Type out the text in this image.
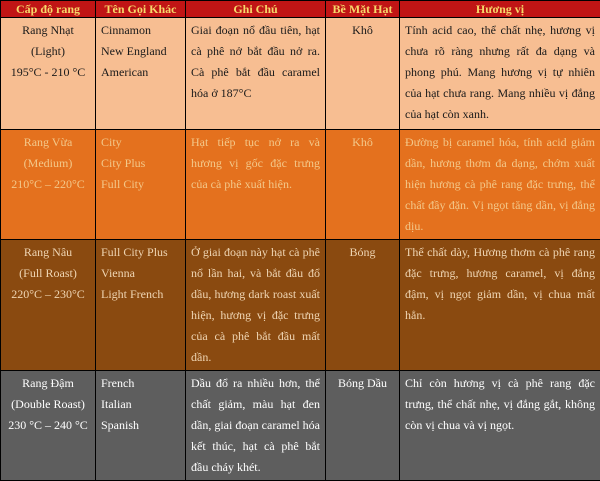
Cấp độ rang	Tên Gọi Khác	Ghi Chú	Bề Mặt Hạt	Hương vị

Rang Nhạt
(Light)
195°C - 210 °C	Cinnamon
New England
American	Giai đoạn nổ đầu tiên, hạt cà phê nở bắt đầu nở ra. Cà phê bắt đầu caramel hóa ở 187°C	Khô	Tính acid cao, thể chất nhẹ, hương vị chưa rõ ràng nhưng rất đa dạng và phong phú. Mang hương vị tự nhiên của hạt chưa rang. Mang nhiều vị đắng của hạt còn xanh.

Rang Vừa
(Medium)
210°C – 220°C	City
City Plus
Full City	Hạt tiếp tục nở ra và hương vị gốc đặc trưng của cà phê xuất hiện.	Khô	Đường bị caramel hóa, tính acid giảm dần, hương thơm đa dạng, chớm xuất hiện hương cà phê rang đặc trưng, thể chất đầy đặn. Vị ngọt tăng dần, vị đắng dịu.

Rang Nâu
(Full Roast)
220°C – 230°C	Full City Plus
Vienna
Light French	Ở giai đoạn này hạt cà phê nổ lần hai, và bắt đầu đổ dầu, hương dark roast xuất hiện, hương vị đặc trưng của cà phê bắt đầu mất dần.	Bóng	Thể chất dày, Hương thơm cà phê rang đặc trưng, hương caramel, vị đắng đậm, vị ngọt giảm dần, vị chua mất hẳn.

Rang Đậm
(Double Roast)
230 °C – 240 °C	French
Italian
Spanish	Dầu đổ ra nhiều hơn, thể chất giảm, màu hạt đen dần, giai đoạn caramel hóa kết thúc, hạt cà phê bắt đầu cháy khét.	Bóng Dầu	Chỉ còn hương vị cà phê rang đặc trưng, thể chất nhẹ, vị đắng gắt, không còn vị chua và vị ngọt.
